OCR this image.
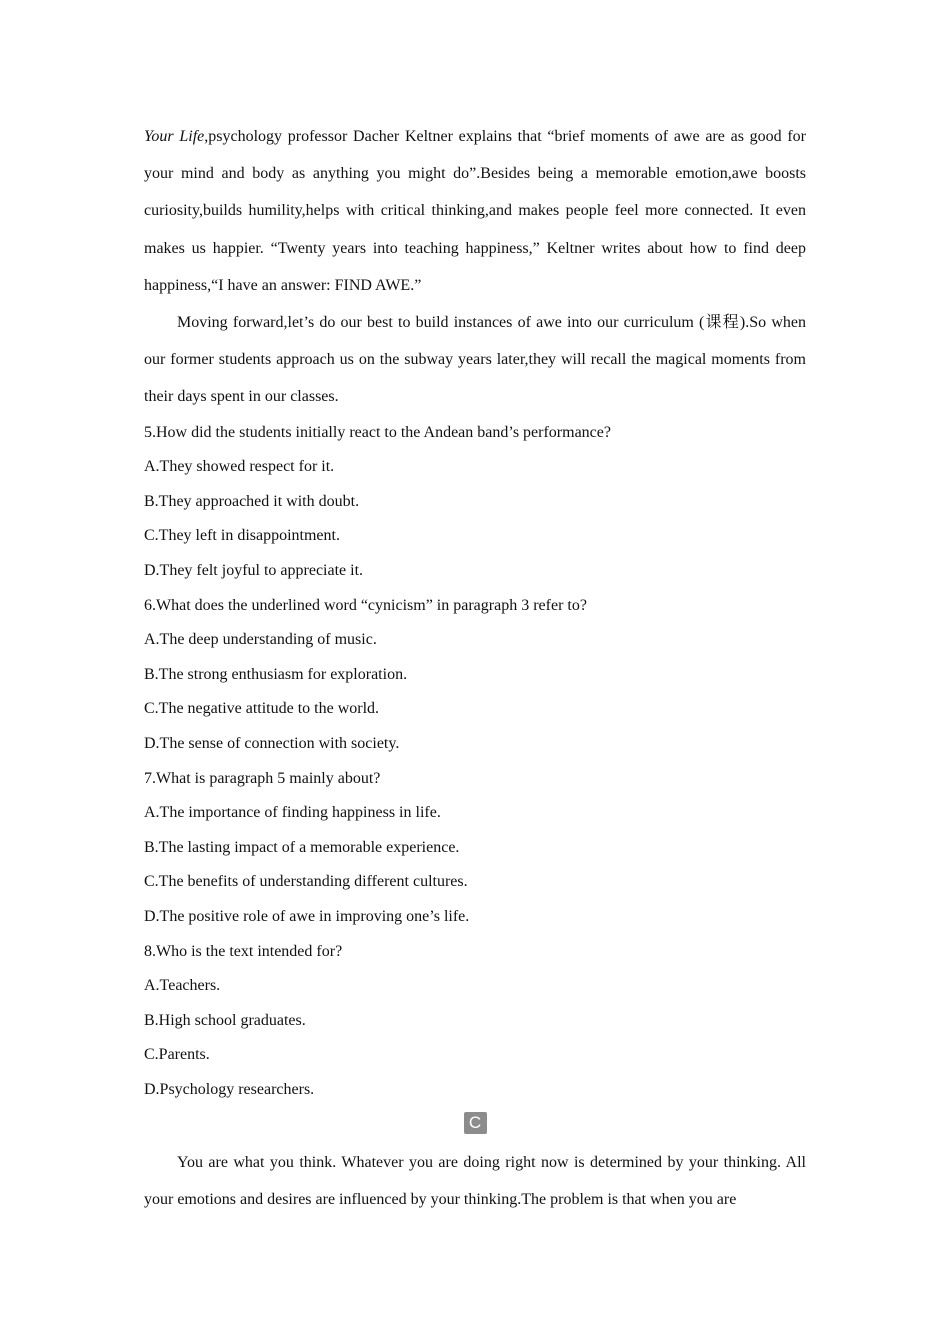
Your Life,psychology professor Dacher Keltner explains that “brief moments of awe are as good for your mind and body as anything you might do”.Besides being a memorable emotion,awe boosts curiosity,builds humility,helps with critical thinking,and makes people feel more connected. It even makes us happier. “Twenty years into teaching happiness,” Keltner writes about how to find deep happiness,“I have an answer: FIND AWE.”

Moving forward,let’s do our best to build instances of awe into our curriculum (课程).So when our former students approach us on the subway years later,they will recall the magical moments from their days spent in our classes.

5.How did the students initially react to the Andean band’s performance?

A.They showed respect for it.

B.They approached it with doubt.

C.They left in disappointment.

D.They felt joyful to appreciate it.

6.What does the underlined word “cynicism” in paragraph 3 refer to?

A.The deep understanding of music.

B.The strong enthusiasm for exploration.

C.The negative attitude to the world.

D.The sense of connection with society.

7.What is paragraph 5 mainly about?

A.The importance of finding happiness in life.

B.The lasting impact of a memorable experience.

C.The benefits of understanding different cultures.

D.The positive role of awe in improving one’s life.

8.Who is the text intended for?

A.Teachers.

B.High school graduates.

C.Parents.

D.Psychology researchers.

C

You are what you think. Whatever you are doing right now is determined by your thinking. All your emotions and desires are influenced by your thinking.The problem is that when you are
